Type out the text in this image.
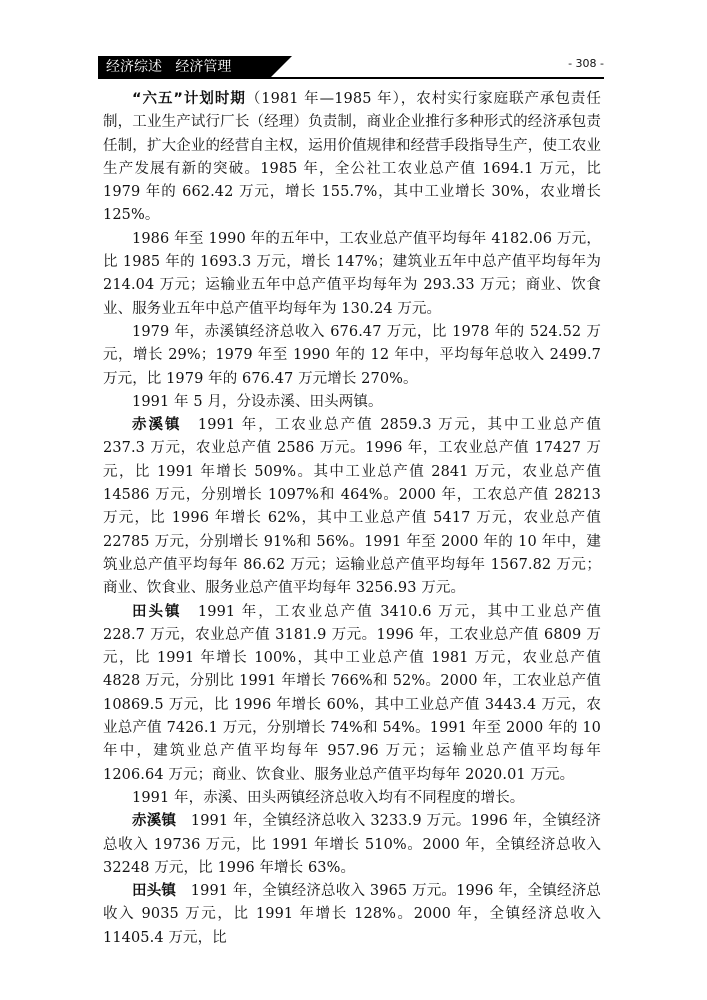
经济综述 经济管理	- 308 -

“六五”计划时期（1981 年—1985 年），农村实行家庭联产承包责任制，工业生产试行厂长（经理）负责制，商业企业推行多种形式的经济承包责任制，扩大企业的经营自主权，运用价值规律和经营手段指导生产，使工农业生产发展有新的突破。1985 年，全公社工农业总产值 1694.1 万元，比 1979 年的 662.42 万元，增长 155.7%，其中工业增长 30%，农业增长 125%。

1986 年至 1990 年的五年中，工农业总产值平均每年 4182.06 万元，比 1985 年的 1693.3 万元，增长 147%；建筑业五年中总产值平均每年为 214.04 万元；运输业五年中总产值平均每年为 293.33 万元；商业、饮食业、服务业五年中总产值平均每年为 130.24 万元。

1979 年，赤溪镇经济总收入 676.47 万元，比 1978 年的 524.52 万元，增长 29%；1979 年至 1990 年的 12 年中，平均每年总收入 2499.7 万元，比 1979 年的 676.47 万元增长 270%。

1991 年 5 月，分设赤溪、田头两镇。

赤溪镇　1991 年，工农业总产值 2859.3 万元，其中工业总产值 237.3 万元，农业总产值 2586 万元。1996 年，工农业总产值 17427 万元，比 1991 年增长 509%。其中工业总产值 2841 万元，农业总产值 14586 万元，分别增长 1097%和 464%。2000 年，工农总产值 28213 万元，比 1996 年增长 62%，其中工业总产值 5417 万元，农业总产值 22785 万元，分别增长 91%和 56%。1991 年至 2000 年的 10 年中，建筑业总产值平均每年 86.62 万元；运输业总产值平均每年 1567.82 万元；商业、饮食业、服务业总产值平均每年 3256.93 万元。

田头镇　1991 年，工农业总产值 3410.6 万元，其中工业总产值 228.7 万元，农业总产值 3181.9 万元。1996 年，工农业总产值 6809 万元，比 1991 年增长 100%，其中工业总产值 1981 万元，农业总产值 4828 万元，分别比 1991 年增长 766%和 52%。2000 年，工农业总产值 10869.5 万元，比 1996 年增长 60%，其中工业总产值 3443.4 万元，农业总产值 7426.1 万元，分别增长 74%和 54%。1991 年至 2000 年的 10 年中，建筑业总产值平均每年 957.96 万元；运输业总产值平均每年 1206.64 万元；商业、饮食业、服务业总产值平均每年 2020.01 万元。

1991 年，赤溪、田头两镇经济总收入均有不同程度的增长。

赤溪镇　1991 年，全镇经济总收入 3233.9 万元。1996 年，全镇经济总收入 19736 万元，比 1991 年增长 510%。2000 年，全镇经济总收入 32248 万元，比 1996 年增长 63%。

田头镇　1991 年，全镇经济总收入 3965 万元。1996 年，全镇经济总收入 9035 万元，比 1991 年增长 128%。2000 年，全镇经济总收入 11405.4 万元，比
